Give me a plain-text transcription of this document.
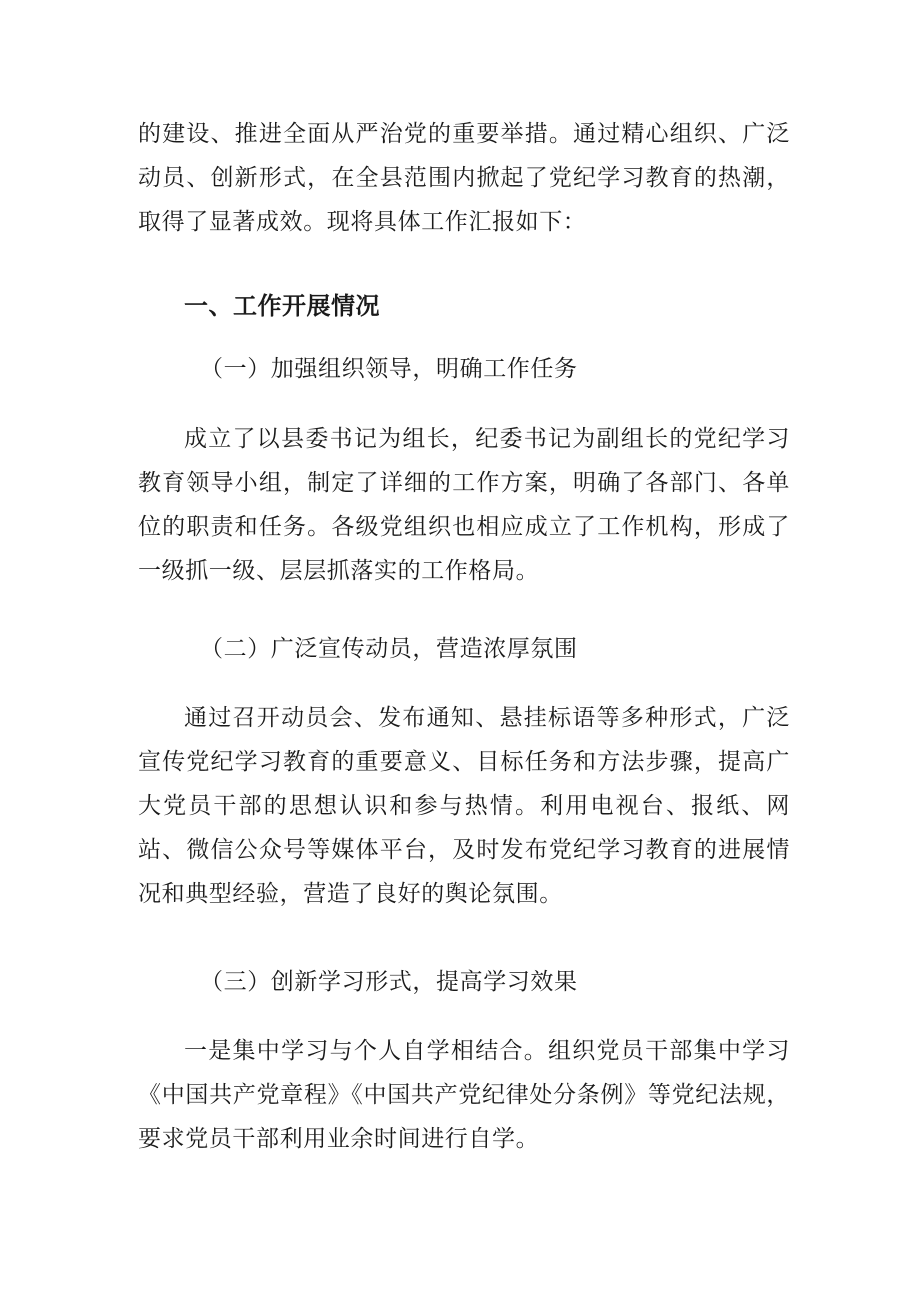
的建设、推进全面从严治党的重要举措。通过精心组织、广泛动员、创新形式，在全县范围内掀起了党纪学习教育的热潮，取得了显著成效。现将具体工作汇报如下：

一、工作开展情况
（一）加强组织领导，明确工作任务

成立了以县委书记为组长，纪委书记为副组长的党纪学习教育领导小组，制定了详细的工作方案，明确了各部门、各单位的职责和任务。各级党组织也相应成立了工作机构，形成了一级抓一级、层层抓落实的工作格局。

（二）广泛宣传动员，营造浓厚氛围

通过召开动员会、发布通知、悬挂标语等多种形式，广泛宣传党纪学习教育的重要意义、目标任务和方法步骤，提高广大党员干部的思想认识和参与热情。利用电视台、报纸、网站、微信公众号等媒体平台，及时发布党纪学习教育的进展情况和典型经验，营造了良好的舆论氛围。

（三）创新学习形式，提高学习效果

一是集中学习与个人自学相结合。组织党员干部集中学习《中国共产党章程》《中国共产党纪律处分条例》等党纪法规，要求党员干部利用业余时间进行自学。
